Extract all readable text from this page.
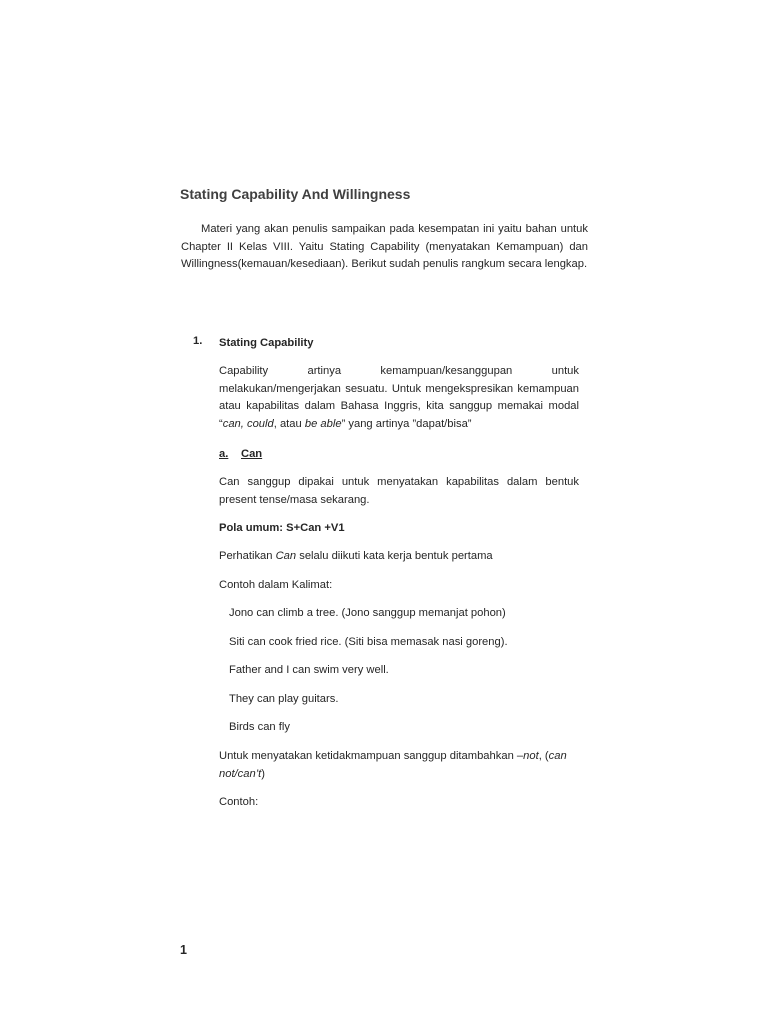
Stating Capability And Willingness

Materi yang akan penulis sampaikan pada kesempatan ini yaitu bahan untuk Chapter II Kelas VIII. Yaitu Stating Capability (menyatakan Kemampuan) dan Willingness(kemauan/kesediaan). Berikut sudah penulis rangkum secara lengkap.

1. Stating Capability

Capability artinya kemampuan/kesanggupan untuk melakukan/mengerjakan sesuatu. Untuk mengekspresikan kemampuan atau kapabilitas dalam Bahasa Inggris, kita sanggup memakai modal “can, could, atau be able” yang artinya ”dapat/bisa”

a. Can

Can sanggup dipakai untuk menyatakan kapabilitas dalam bentuk present tense/masa sekarang.

Pola umum: S+Can +V1

Perhatikan Can selalu diikuti kata kerja bentuk pertama

Contoh dalam Kalimat:

Jono can climb a tree. (Jono sanggup memanjat pohon)

Siti can cook fried rice. (Siti bisa memasak nasi goreng).

Father and I can swim very well.

They can play guitars.

Birds can fly

Untuk menyatakan ketidakmampuan sanggup ditambahkan –not, (can not/can’t)

Contoh:

1
